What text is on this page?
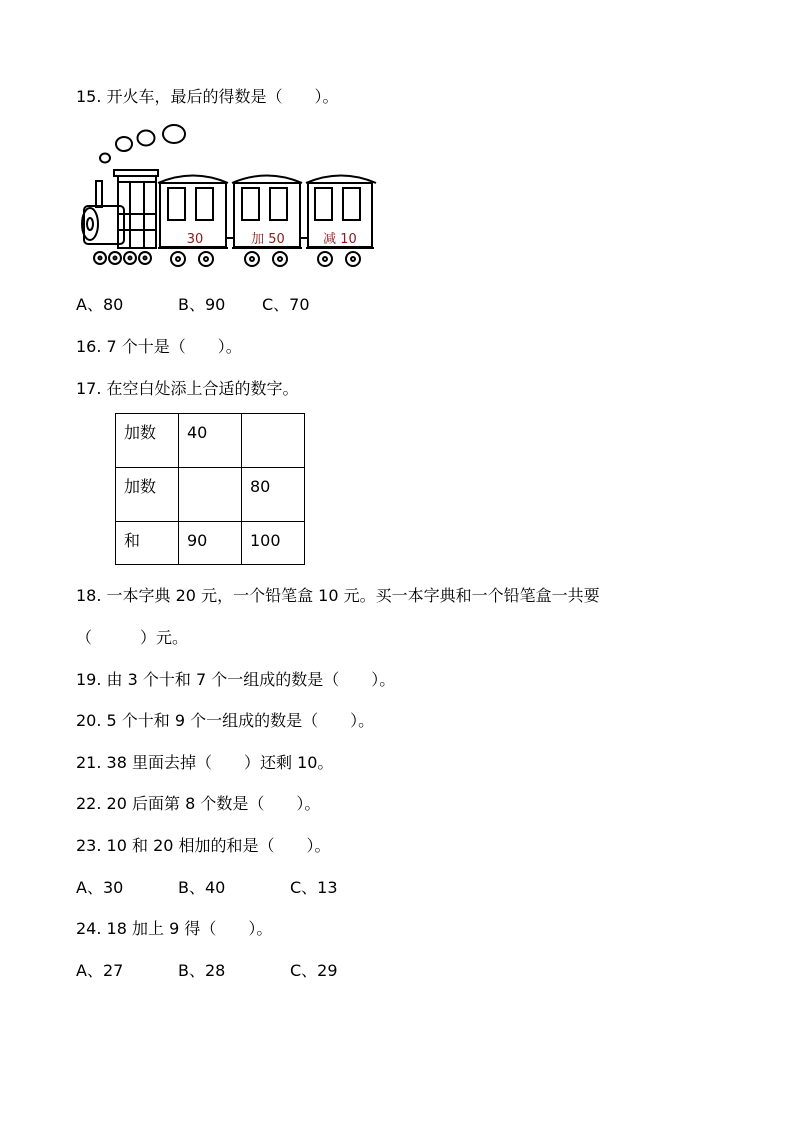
15. 开火车，最后的得数是（　　）。
30	加 50	减 10
A、80	B、90 C、70
16. 7 个十是（　　）。
17. 在空白处添上合适的数字。
加数	40	
加数		80
和	90	100
18. 一本字典 20 元，一个铅笔盒 10 元。买一本字典和一个铅笔盒一共要
（　　　）元。
19. 由 3 个十和 7 个一组成的数是（　　）。
20. 5 个十和 9 个一组成的数是（　　）。
21. 38 里面去掉（　　）还剩 10。
22. 20 后面第 8 个数是（　　）。
23. 10 和 20 相加的和是（　　）。
A、30	B、40	C、13
24. 18 加上 9 得（　　）。
A、27	B、28	C、29
